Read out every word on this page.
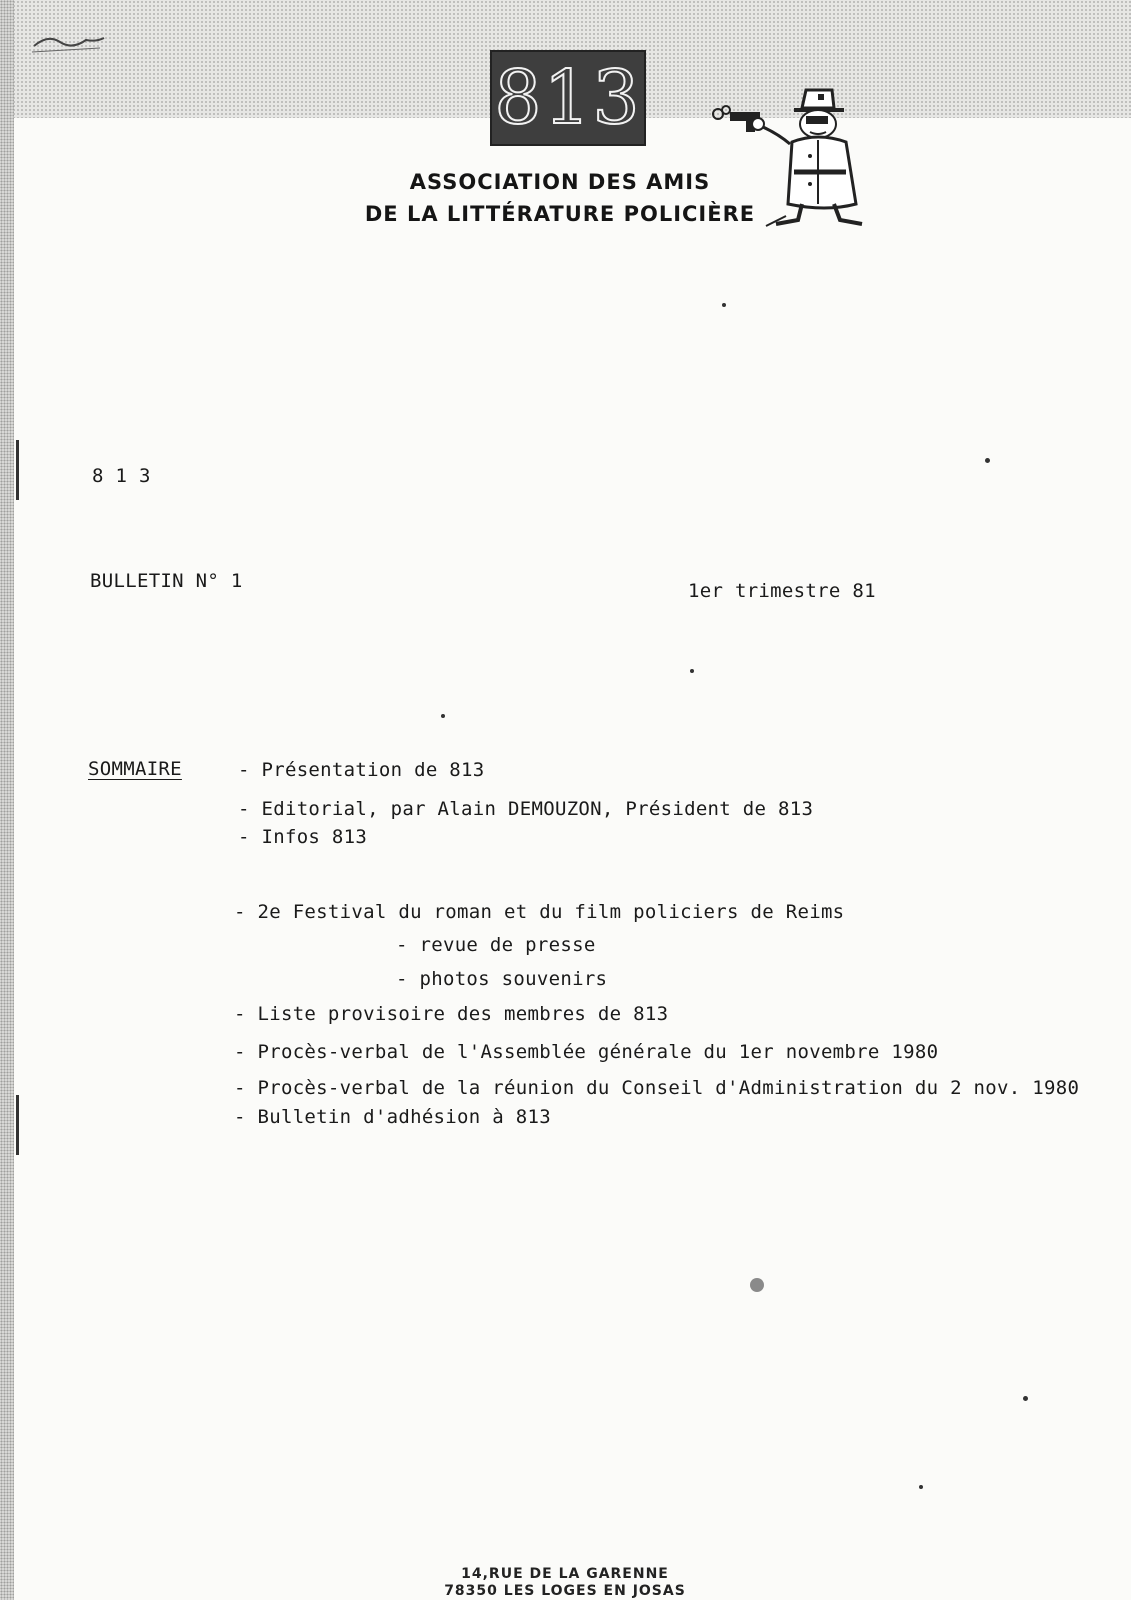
813
ASSOCIATION DES AMIS
DE LA LITTÉRATURE POLICIÈRE
8 1 3
BULLETIN N° 1	1er trimestre 81
SOMMAIRE	- Présentation de 813
- Editorial, par Alain DEMOUZON, Président de 813
- Infos 813
- 2e Festival du roman et du film policiers de Reims
- revue de presse
- photos souvenirs
- Liste provisoire des membres de 813
- Procès-verbal de l'Assemblée générale du 1er novembre 1980
- Procès-verbal de la réunion du Conseil d'Administration du 2 nov. 1980
- Bulletin d'adhésion à 813
14,RUE DE LA GARENNE
78350 LES LOGES EN JOSAS
